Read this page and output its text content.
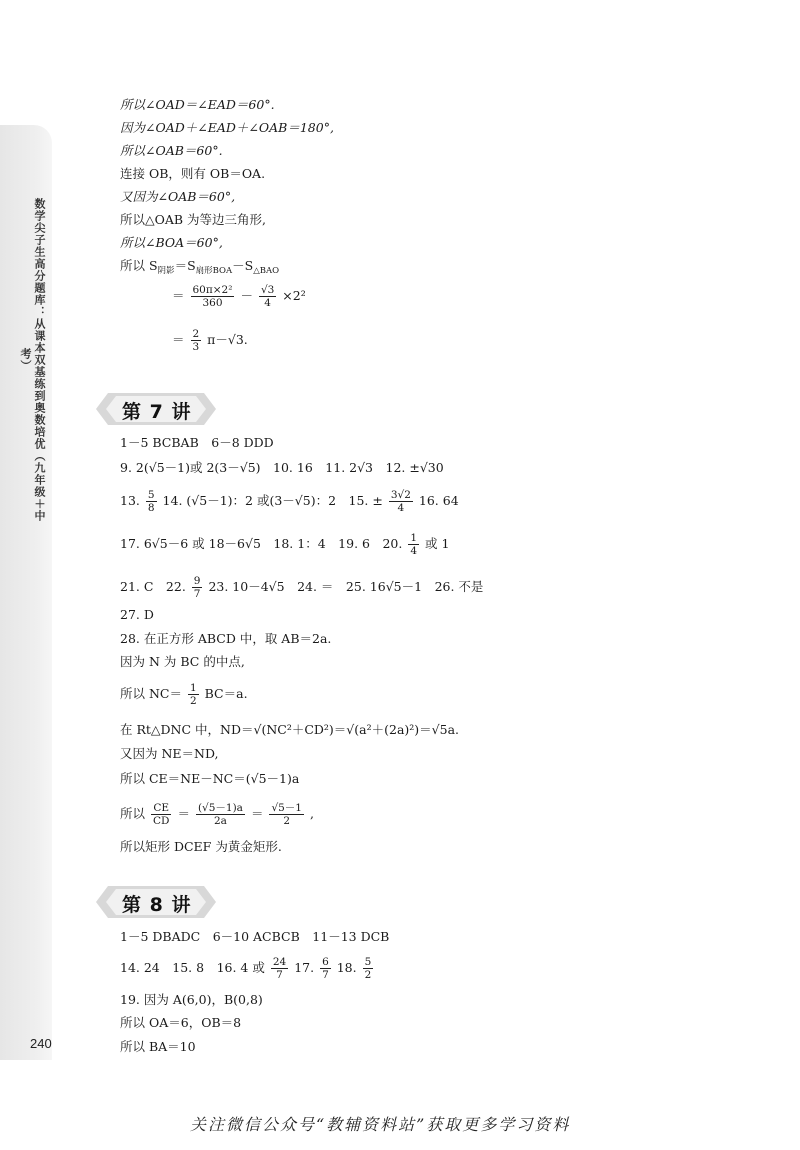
数学尖子生高分题库：从课本双基练到奥数培优（九年级＋中考）
240
所以∠OAD＝∠EAD＝60°.
因为∠OAD＋∠EAD＋∠OAB＝180°,
所以∠OAB＝60°.
连接 OB，则有 OB＝OA.
又因为∠OAB＝60°,
所以△OAB 为等边三角形,
所以∠BOA＝60°,
所以 $S_{阴影}=S_{扇形BOA}-S_{\triangle BAO}$
＝ $\frac{\text{60π×2²}}{360} - \frac{√3}{4} \times 2^2$
＝ $\frac{2}{3} \pi-√3$.
第 7 讲
1－5 BCBAB　6－8 DDD
9. 2(√5－1)或 2(3－√5)　10. 16　11. 2√3　12. ±√30
13. $\frac{5}{8} 14$. (√5－1)：2 或(3－√5)：2　15. ± $\frac{3√2}{4} 16$. 64
17. 6√5－6 或 18－6√5　18. 1：4　19. 6　20. $\frac{1}{4}$ 或 1
21. C　22. $\frac{9}{7} 23$. 10－4√5　24. ＝　25. 16√5－1　26. 不是
27. D
28. 在正方形 ABCD 中，取 AB＝2a.
因为 N 为 BC 的中点,
所以 $NC= \frac{1}{2} BC=a$.
在 Rt△DNC 中，ND＝√(NC²＋CD²)＝√(a²＋(2a)²)＝√5a.
又因为 NE＝ND,
所以 CE＝NE－NC＝(√5－1)a
所以 $\frac{CE}{CD} = \frac{(√5-1)a}{2a} = \frac{√5-1}{2}$ ,
所以矩形 DCEF 为黄金矩形.
第 8 讲
1－5 DBADC　6－10 ACBCB　11－13 DCB
14. 24　15. 8　16. 4 或 $\frac{24}{7} 17$. $\frac{6}{7} 18$. $\frac{5}{2}$
19. 因为 A(6,0)，B(0,8)
所以 OA＝6，OB＝8
所以 BA＝10
关注微信公众号“教辅资料站”获取更多学习资料
